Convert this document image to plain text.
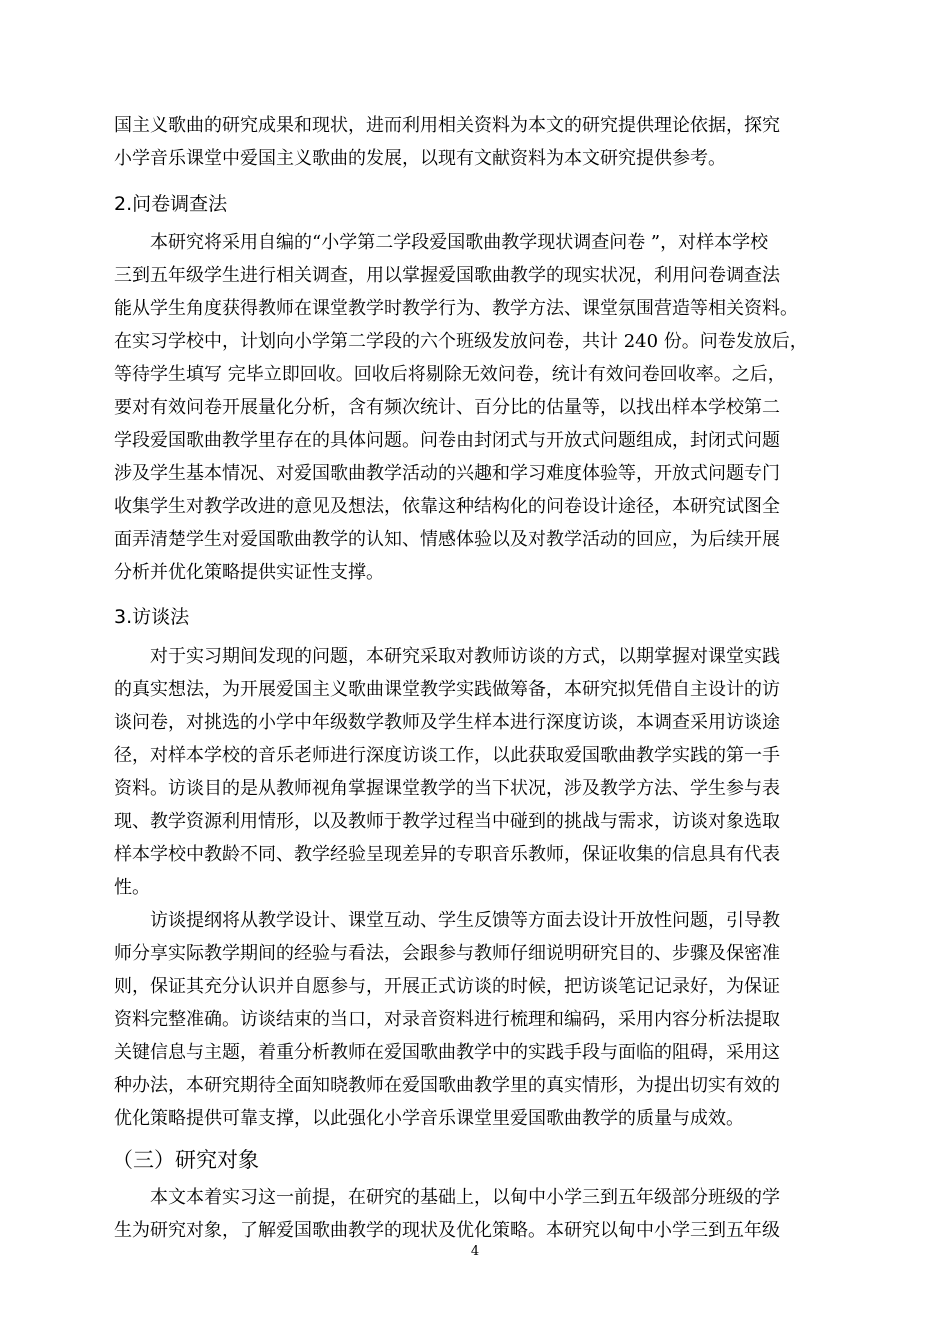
国主义歌曲的研究成果和现状，进而利用相关资料为本文的研究提供理论依据，探究
小学音乐课堂中爱国主义歌曲的发展，以现有文献资料为本文研究提供参考。
2.问卷调查法
本研究将采用自编的“小学第二学段爱国歌曲教学现状调查问卷 ”，对样本学校
三到五年级学生进行相关调查，用以掌握爱国歌曲教学的现实状况，利用问卷调查法
能从学生角度获得教师在课堂教学时教学行为、教学方法、课堂氛围营造等相关资料。
在实习学校中，计划向小学第二学段的六个班级发放问卷，共计 240 份。问卷发放后，
等待学生填写 完毕立即回收。回收后将剔除无效问卷，统计有效问卷回收率。之后，
要对有效问卷开展量化分析，含有频次统计、百分比的估量等，以找出样本学校第二
学段爱国歌曲教学里存在的具体问题。问卷由封闭式与开放式问题组成，封闭式问题
涉及学生基本情况、对爱国歌曲教学活动的兴趣和学习难度体验等，开放式问题专门
收集学生对教学改进的意见及想法，依靠这种结构化的问卷设计途径，本研究试图全
面弄清楚学生对爱国歌曲教学的认知、情感体验以及对教学活动的回应，为后续开展
分析并优化策略提供实证性支撑。
3.访谈法
对于实习期间发现的问题，本研究采取对教师访谈的方式，以期掌握对课堂实践
的真实想法，为开展爱国主义歌曲课堂教学实践做筹备，本研究拟凭借自主设计的访
谈问卷，对挑选的小学中年级数学教师及学生样本进行深度访谈，本调查采用访谈途
径，对样本学校的音乐老师进行深度访谈工作，以此获取爱国歌曲教学实践的第一手
资料。访谈目的是从教师视角掌握课堂教学的当下状况，涉及教学方法、学生参与表
现、教学资源利用情形，以及教师于教学过程当中碰到的挑战与需求，访谈对象选取
样本学校中教龄不同、教学经验呈现差异的专职音乐教师，保证收集的信息具有代表
性。
访谈提纲将从教学设计、课堂互动、学生反馈等方面去设计开放性问题，引导教
师分享实际教学期间的经验与看法，会跟参与教师仔细说明研究目的、步骤及保密准
则，保证其充分认识并自愿参与，开展正式访谈的时候，把访谈笔记记录好，为保证
资料完整准确。访谈结束的当口，对录音资料进行梳理和编码，采用内容分析法提取
关键信息与主题，着重分析教师在爱国歌曲教学中的实践手段与面临的阻碍，采用这
种办法，本研究期待全面知晓教师在爱国歌曲教学里的真实情形，为提出切实有效的
优化策略提供可靠支撑，以此强化小学音乐课堂里爱国歌曲教学的质量与成效。
（三）研究对象
本文本着实习这一前提，在研究的基础上，以甸中小学三到五年级部分班级的学
生为研究对象，了解爱国歌曲教学的现状及优化策略。本研究以甸中小学三到五年级
4
